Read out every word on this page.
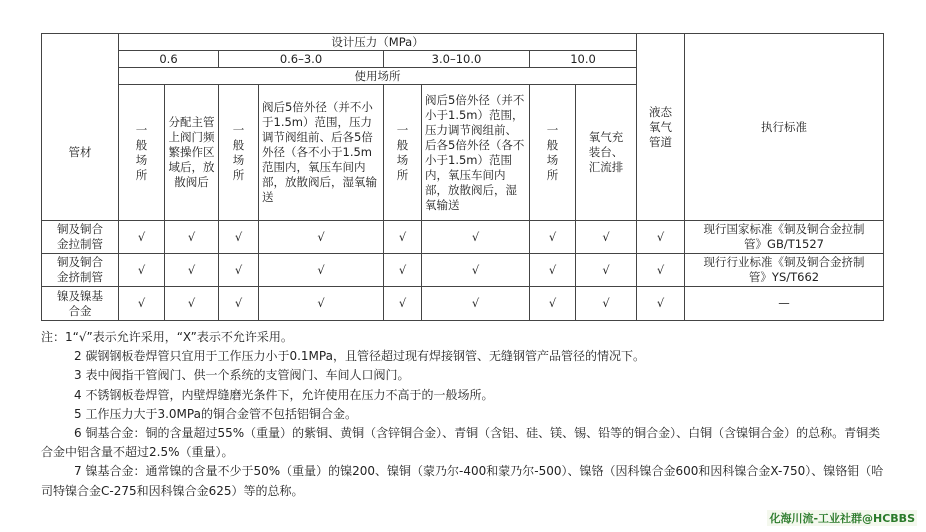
	设计压力（MPa）								液态氧气管道	执行标准
	0.6		0.6–3.0		3.0–10.0		10.0			
	使用场所									
管材	一般场所	分配主管上阀门频繁操作区域后，放散阀后	一般场所	阀后5倍外径（并不小于1.5m）范围，压力调节阀组前、后各5倍外径（各不小于1.5m范围内，氧压车间内部，放散阀后，湿氧输送	一般场所	阀后5倍外径（并不小于1.5m）范围，压力调节阀组前、后各5倍外径（各不小于1.5m）范围内，氧压车间内部，放散阀后，湿氧输送	一般场所	氧气充装台、汇流排		
铜及铜合金拉制管	√	√	√	√	√	√	√	√	√	现行国家标准《铜及铜合金拉制管》GB/T1527
铜及铜合金挤制管	√	√	√	√	√	√	√	√	√	现行行业标准《铜及铜合金挤制管》YS/T662
镍及镍基合金	√	√	√	√	√	√	√	√	√	—

注：1“√”表示允许采用，“X”表示不允许采用。

2 碳钢钢板卷焊管只宜用于工作压力小于0.1MPa，且管径超过现有焊接钢管、无缝钢管产品管径的情况下。

3 表中阀指干管阀门、供一个系统的支管阀门、车间人口阀门。

4 不锈钢板卷焊管，内壁焊缝磨光条件下，允许使用在压力不高于的一般场所。

5 工作压力大于3.0MPa的铜合金管不包括铝铜合金。

6 铜基合金：铜的含量超过55%（重量）的紫铜、黄铜（含锌铜合金）、青铜（含铝、硅、镁、锡、铅等的铜合金）、白铜（含镍铜合金）的总称。青铜类合金中铝含量不超过2.5%（重量）。

7 镍基合金：通常镍的含量不少于50%（重量）的镍200、镍铜（蒙乃尔-400和蒙乃尔-500）、镍铬（因科镍合金600和因科镍合金X-750）、镍铬钼（哈司特镍合金C-275和因科镍合金625）等的总称。

化海川流-工业社群@HCBBS
